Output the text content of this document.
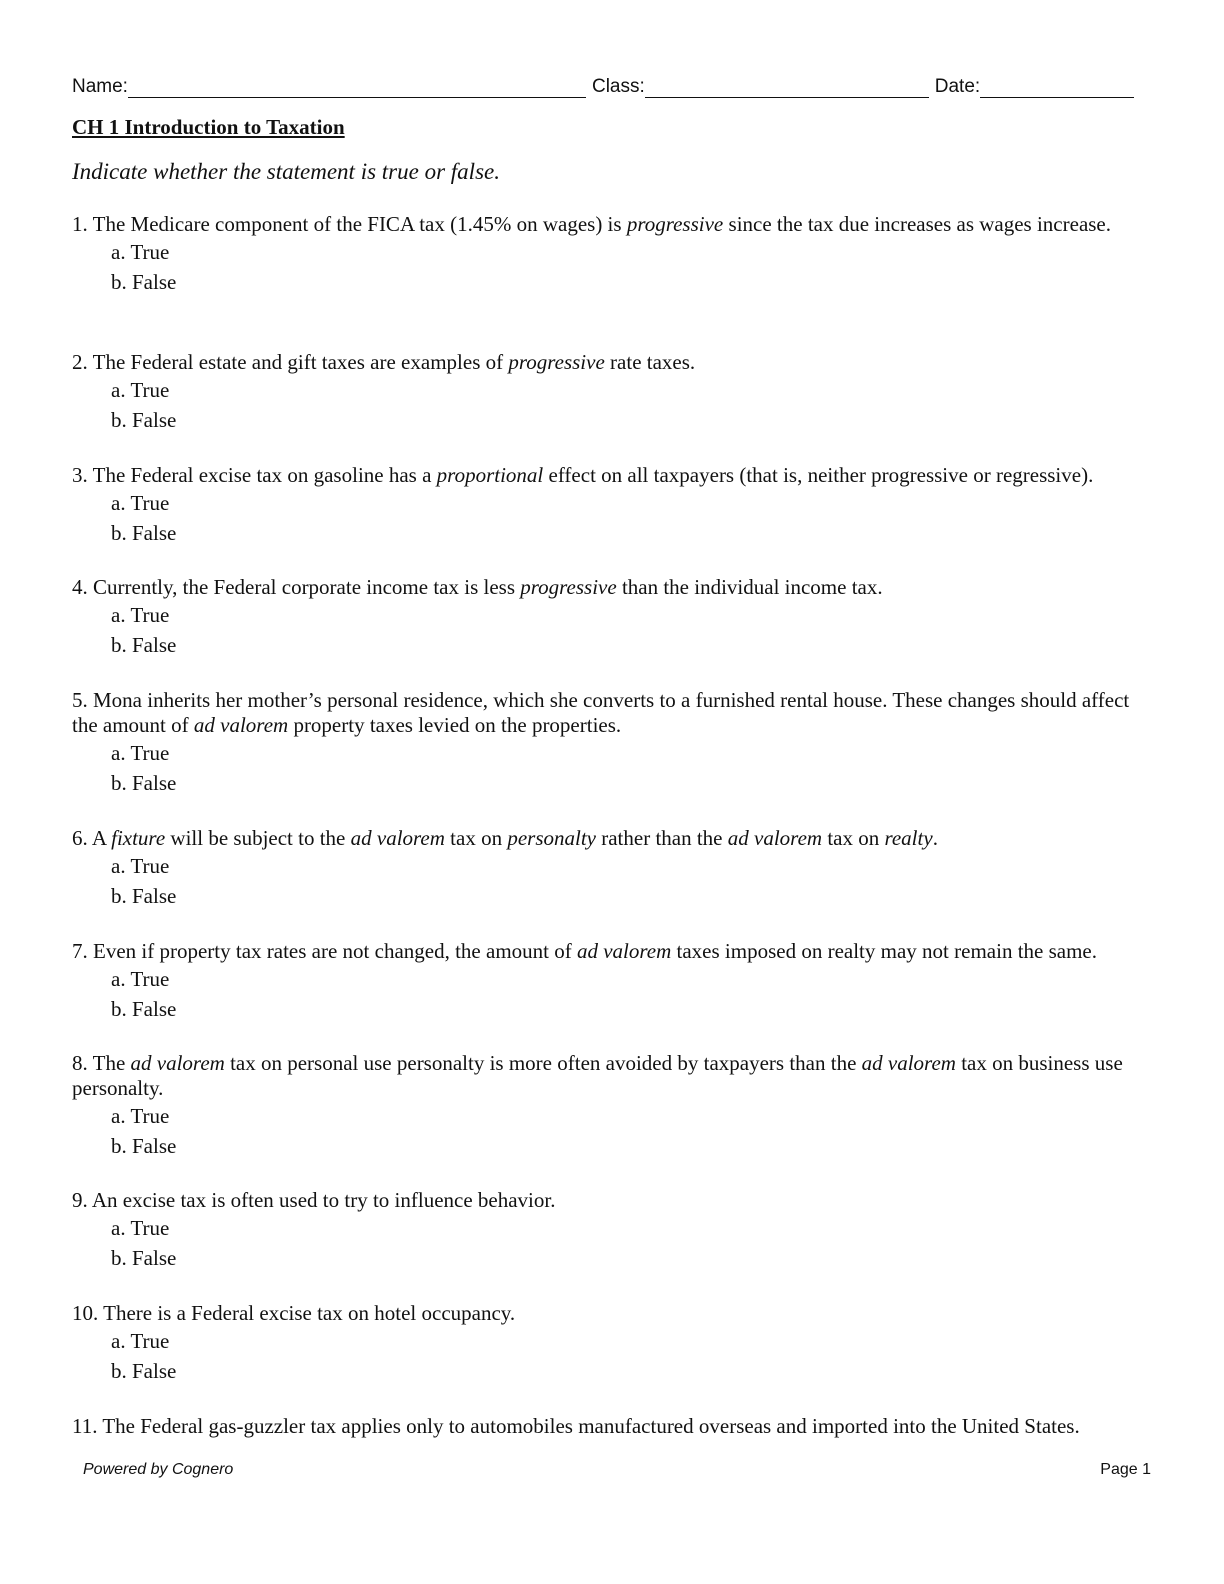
Name:	Class:	Date:
CH 1 Introduction to Taxation
Indicate whether the statement is true or false.

1. The Medicare component of the FICA tax (1.45% on wages) is progressive since the tax due increases as wages increase.

a. True
b. False

2. The Federal estate and gift taxes are examples of progressive rate taxes.

a. True
b. False

3. The Federal excise tax on gasoline has a proportional effect on all taxpayers (that is, neither progressive or regressive).

a. True
b. False

4. Currently, the Federal corporate income tax is less progressive than the individual income tax.

a. True
b. False

5. Mona inherits her mother’s personal residence, which she converts to a furnished rental house. These changes should affect the amount of ad valorem property taxes levied on the properties.

a. True
b. False

6. A fixture will be subject to the ad valorem tax on personalty rather than the ad valorem tax on realty.

a. True
b. False

7. Even if property tax rates are not changed, the amount of ad valorem taxes imposed on realty may not remain the same.

a. True
b. False

8. The ad valorem tax on personal use personalty is more often avoided by taxpayers than the ad valorem tax on business use personalty.

a. True
b. False

9. An excise tax is often used to try to influence behavior.

a. True
b. False

10. There is a Federal excise tax on hotel occupancy.

a. True
b. False

11. The Federal gas-guzzler tax applies only to automobiles manufactured overseas and imported into the United States.

Powered by Cognero	Page 1
